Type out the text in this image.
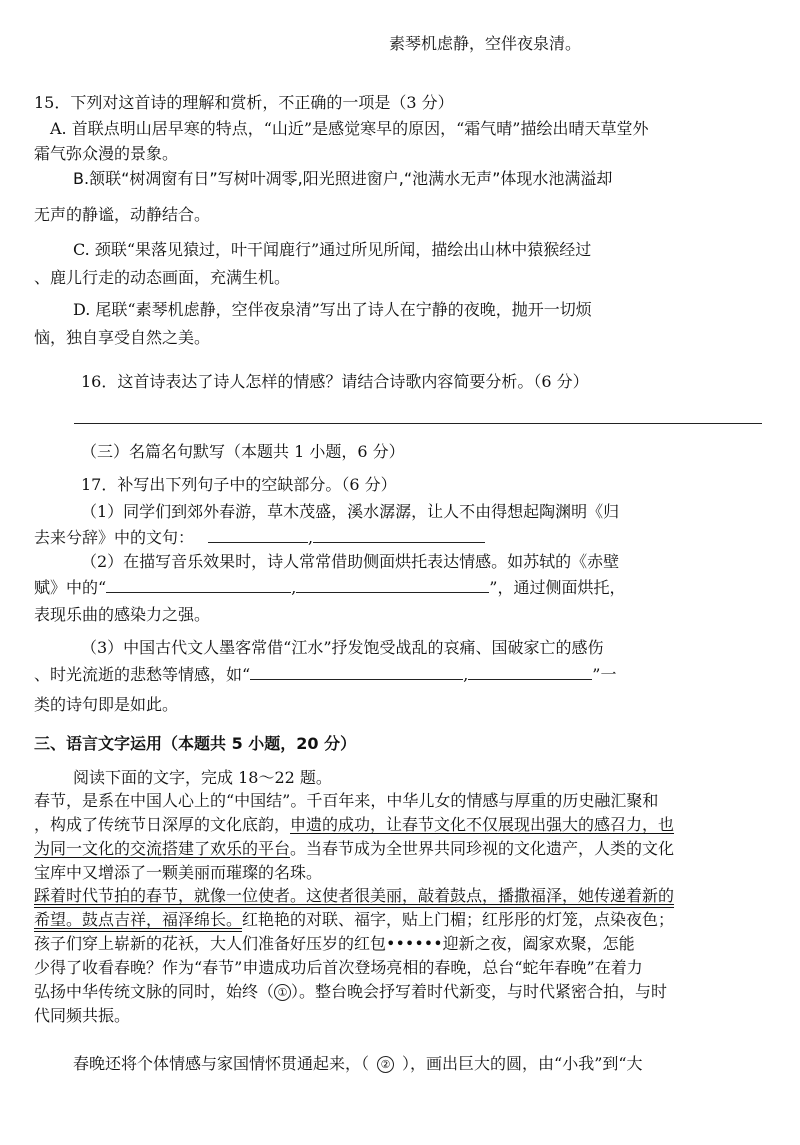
素琴机虑静，空伴夜泉清。
15．下列对这首诗的理解和赏析，不正确的一项是（3 分）
A. 首联点明山居早寒的特点，“山近”是感觉寒早的原因，“霜气晴”描绘出晴天草堂外
霜气弥众漫的景象。
B.颔联“树凋窗有日”写树叶凋零,阳光照进窗户,“池满水无声”体现水池满溢却
无声的静谧，动静结合。
C. 颈联“果落见猿过，叶干闻鹿行”通过所见所闻，描绘出山林中猿猴经过
、鹿儿行走的动态画面，充满生机。
D. 尾联“素琴机虑静，空伴夜泉清”写出了诗人在宁静的夜晚，抛开一切烦
恼，独自享受自然之美。
16．这首诗表达了诗人怎样的情感？请结合诗歌内容简要分析。（6 分）
（三）名篇名句默写（本题共 1 小题，6 分）
17．补写出下列句子中的空缺部分。（6 分）
（1）同学们到郊外春游，草木茂盛，溪水潺潺，让人不由得想起陶渊明《归
去来兮辞》中的文句：	,
（2）在描写音乐效果时，诗人常常借助侧面烘托表达情感。如苏轼的《赤壁
赋》中的“	,	”，通过侧面烘托，
表现乐曲的感染力之强。
（3）中国古代文人墨客常借“江水”抒发饱受战乱的哀痛、国破家亡的感伤
、时光流逝的悲愁等情感，如“	,	”一
类的诗句即是如此。
三、语言文字运用（本题共 5 小题，20 分）
阅读下面的文字，完成 18～22 题。
春节，是系在中国人心上的“中国结”。千百年来，中华儿女的情感与厚重的历史融汇聚和
，构成了传统节日深厚的文化底韵，申遗的成功，让春节文化不仅展现出强大的感召力，也
为同一文化的交流搭建了欢乐的平台。当春节成为全世界共同珍视的文化遗产，人类的文化
宝库中又增添了一颗美丽而璀璨的名珠。
踩着时代节拍的春节，就像一位使者。这使者很美丽，敲着鼓点，播撒福泽，她传递着新的
希望。鼓点吉祥，福泽绵长。红艳艳的对联、福字，贴上门楣；红彤彤的灯笼，点染夜色；
孩子们穿上崭新的花袄，大人们准备好压岁的红包••••••迎新之夜，阖家欢聚，怎能
少得了收看春晚？作为“春节”申遗成功后首次登场亮相的春晚，总台“蛇年春晚”在着力
弘扬中华传统文脉的同时，始终（ ① ）。整台晚会抒写着时代新变，与时代紧密合拍，与时
代同频共振。
春晚还将个体情感与家国情怀贯通起来，（ ② ），画出巨大的圆，由“小我”到“大
